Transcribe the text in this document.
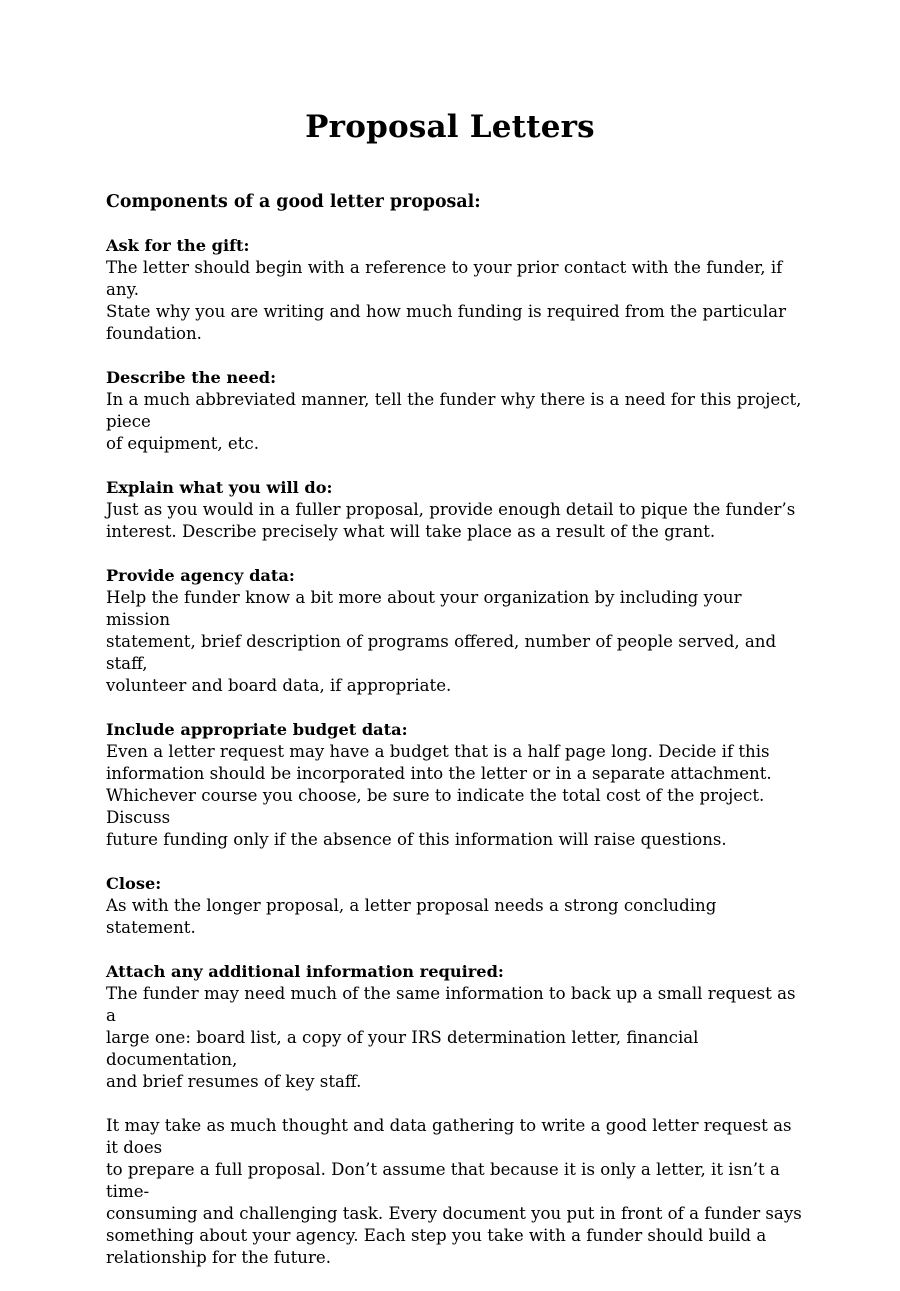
Proposal Letters
Components of a good letter proposal:
Ask for the gift:
The letter should begin with a reference to your prior contact with the funder, if any.
State why you are writing and how much funding is required from the particular
foundation.
Describe the need:
In a much abbreviated manner, tell the funder why there is a need for this project, piece
of equipment, etc.
Explain what you will do:
Just as you would in a fuller proposal, provide enough detail to pique the funder’s
interest. Describe precisely what will take place as a result of the grant.
Provide agency data:
Help the funder know a bit more about your organization by including your mission
statement, brief description of programs offered, number of people served, and staff,
volunteer and board data, if appropriate.
Include appropriate budget data:
Even a letter request may have a budget that is a half page long. Decide if this
information should be incorporated into the letter or in a separate attachment.
Whichever course you choose, be sure to indicate the total cost of the project. Discuss
future funding only if the absence of this information will raise questions.
Close:
As with the longer proposal, a letter proposal needs a strong concluding statement.
Attach any additional information required:
The funder may need much of the same information to back up a small request as a
large one: board list, a copy of your IRS determination letter, financial documentation,
and brief resumes of key staff.
It may take as much thought and data gathering to write a good letter request as it does
to prepare a full proposal. Don’t assume that because it is only a letter, it isn’t a time-
consuming and challenging task. Every document you put in front of a funder says
something about your agency. Each step you take with a funder should build a
relationship for the future.
